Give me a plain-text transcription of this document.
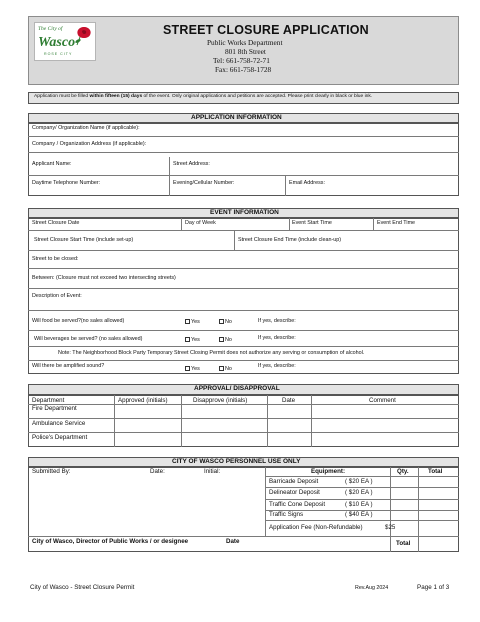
The City of
Wasco
ROSE CITY
STREET CLOSURE APPLICATION
Public Works Department
801 8th Street
Tel: 661-758-72-71
Fax: 661-758-1728
Application must be filled within fifteen (15) days of the event. Only original applications and petitions are accepted. Please print clearly in black or blue ink.
APPLICATION INFORMATION
Company/ Organization Name (if applicable):
Company / Organization Address (if applicable):
Applicant Name:	Street Address:
Daytime Telephone Number:	Evening/Cellular Number:	Email Address:
EVENT INFORMATION
Street Closure Date	Day of Week	Event Start Time	Event End Time
Street Closure Start Time (include set-up)	Street Closure End Time (include clean-up)
Street to be closed:
Between: (Closure must not exceed two intersecting streets)
Description of Event:
Will food be served?(no sales allowed)	Yes	No	If yes, describe:
Will beverages be served? (no sales allowed)	Yes	No	If yes, describe:
Note: The Neighborhood Block Party Temporary Street Closing Permit does not authorize any serving or consumption of alcohol.
Will there be amplified sound?	Yes	No	If yes, describe:
APPROVAL/ DISAPPROVAL
Department	Approved (initials)	Disapprove (initials)	Date	Comment
Fire Department
Ambulance Service
Police's Department
CITY OF WASCO PERSONNEL USE ONLY
Submitted By:	Date:	Initial:	Equipment:	Qty.	Total
Barricade Deposit	( $20 EA )
Delineator Deposit	( $20 EA )
Traffic Cone Deposit	( $10 EA )
Traffic Signs	( $40 EA )
Application Fee (Non-Refundable)	$25
City of Wasco, Director of Public Works / or designee	Date	Total
City of Wasco - Street Closure Permit	Rev.Aug 2024	Page 1 of 3
